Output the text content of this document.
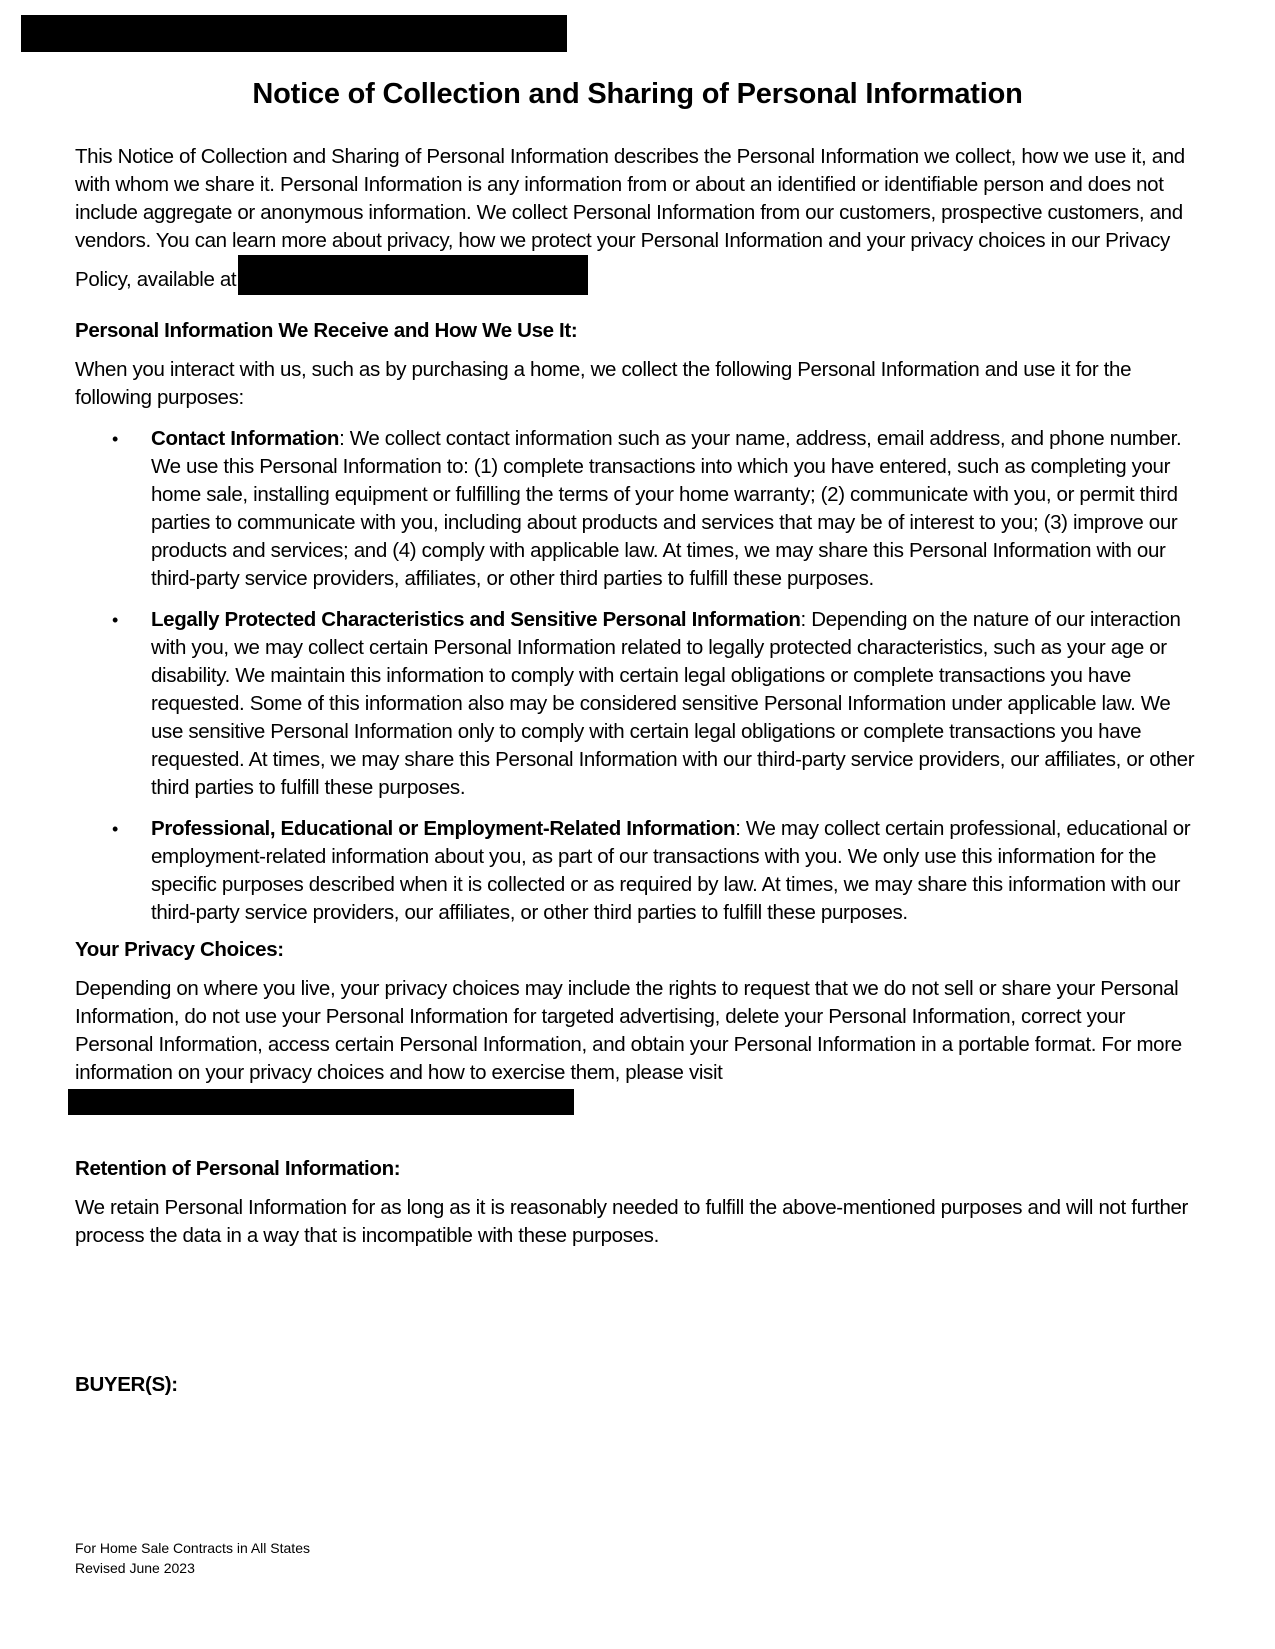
Notice of Collection and Sharing of Personal Information

This Notice of Collection and Sharing of Personal Information describes the Personal Information we collect, how we use it, and with whom we share it. Personal Information is any information from or about an identified or identifiable person and does not include aggregate or anonymous information. We collect Personal Information from our customers, prospective customers, and vendors. You can learn more about privacy, how we protect your Personal Information and your privacy choices in our Privacy Policy, available at

Personal Information We Receive and How We Use It:

When you interact with us, such as by purchasing a home, we collect the following Personal Information and use it for the following purposes:

• Contact Information: We collect contact information such as your name, address, email address, and phone number. We use this Personal Information to: (1) complete transactions into which you have entered, such as completing your home sale, installing equipment or fulfilling the terms of your home warranty; (2) communicate with you, or permit third parties to communicate with you, including about products and services that may be of interest to you; (3) improve our products and services; and (4) comply with applicable law. At times, we may share this Personal Information with our third-party service providers, affiliates, or other third parties to fulfill these purposes.
• Legally Protected Characteristics and Sensitive Personal Information: Depending on the nature of our interaction with you, we may collect certain Personal Information related to legally protected characteristics, such as your age or disability. We maintain this information to comply with certain legal obligations or complete transactions you have requested. Some of this information also may be considered sensitive Personal Information under applicable law. We use sensitive Personal Information only to comply with certain legal obligations or complete transactions you have requested. At times, we may share this Personal Information with our third-party service providers, our affiliates, or other third parties to fulfill these purposes.
• Professional, Educational or Employment-Related Information: We may collect certain professional, educational or employment-related information about you, as part of our transactions with you. We only use this information for the specific purposes described when it is collected or as required by law. At times, we may share this information with our third-party service providers, our affiliates, or other third parties to fulfill these purposes.

Your Privacy Choices:

Depending on where you live, your privacy choices may include the rights to request that we do not sell or share your Personal Information, do not use your Personal Information for targeted advertising, delete your Personal Information, correct your Personal Information, access certain Personal Information, and obtain your Personal Information in a portable format. For more information on your privacy choices and how to exercise them, please visit

Retention of Personal Information:

We retain Personal Information for as long as it is reasonably needed to fulfill the above-mentioned purposes and will not further process the data in a way that is incompatible with these purposes.

BUYER(S):
For Home Sale Contracts in All States
Revised June 2023
